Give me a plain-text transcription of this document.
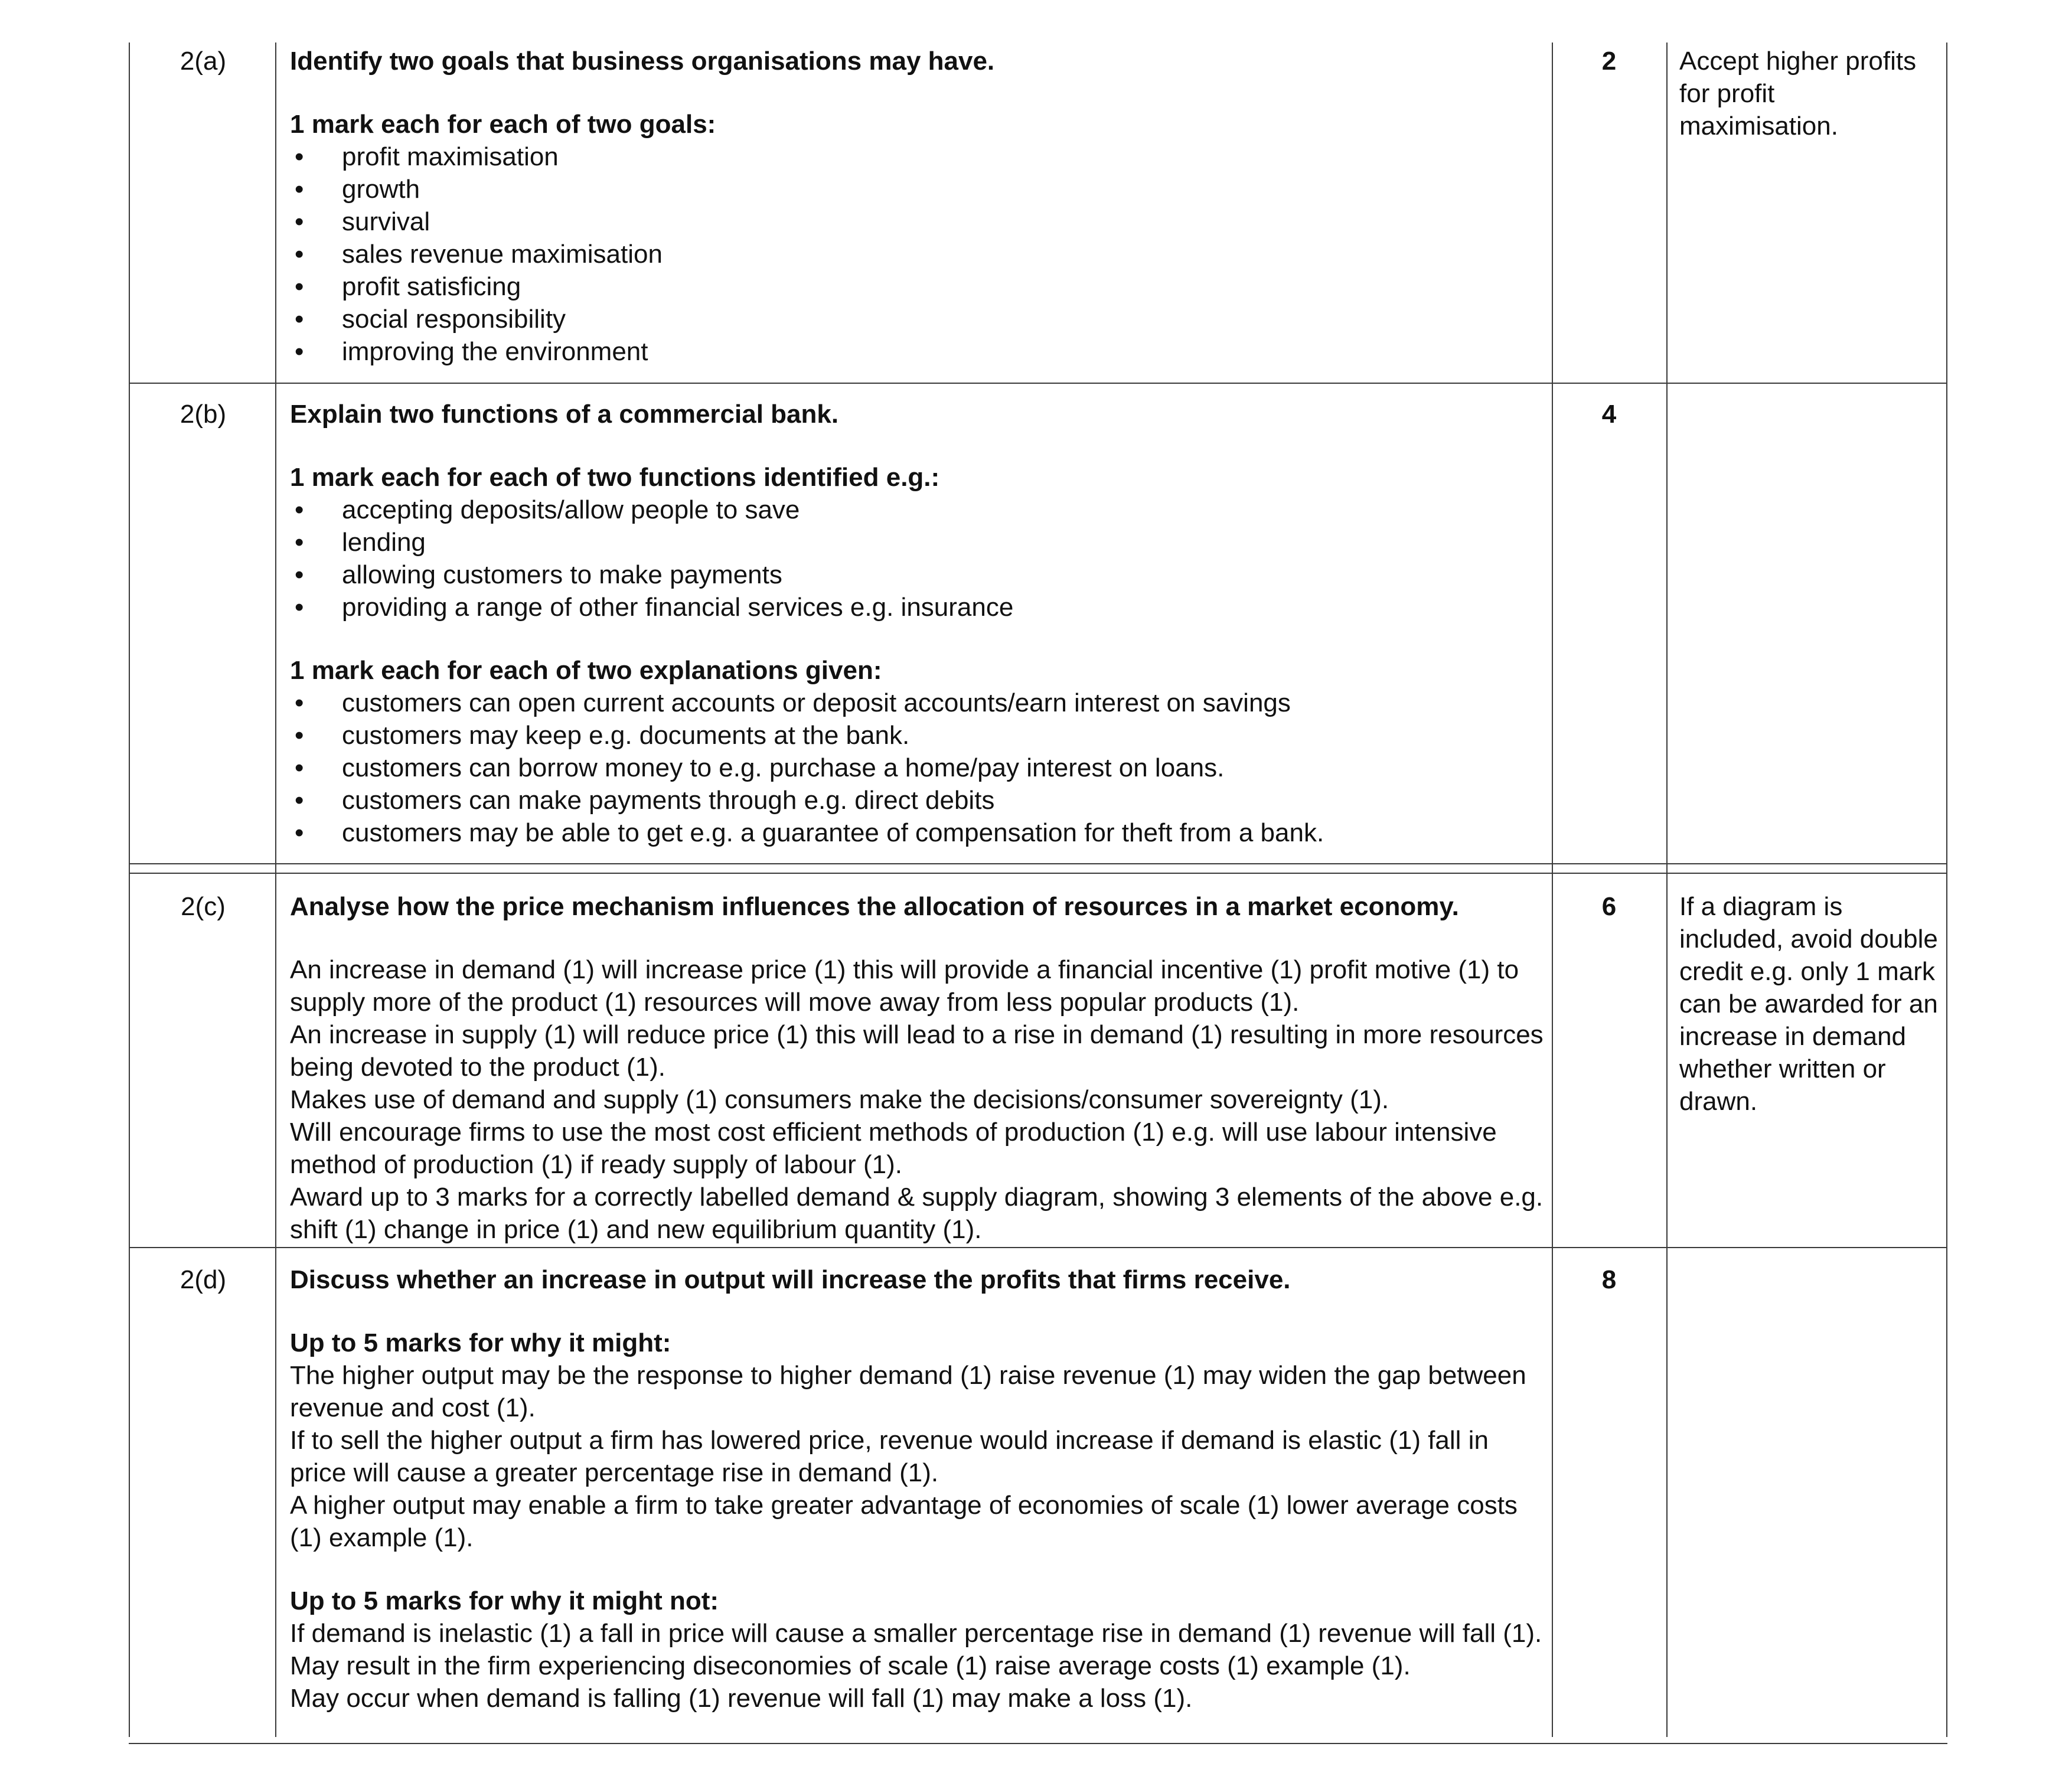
2(a)	Identify two goals that business organisations may have.
1 mark each for each of two goals:
• profit maximisation
• growth
• survival
• sales revenue maximisation
• profit satisficing
• social responsibility
• improving the environment
2	Accept higher profits for profit maximisation.
2(b)	Explain two functions of a commercial bank.
1 mark each for each of two functions identified e.g.:
• accepting deposits/allow people to save
• lending
• allowing customers to make payments
• providing a range of other financial services e.g. insurance
1 mark each for each of two explanations given:
• customers can open current accounts or deposit accounts/earn interest on savings
• customers may keep e.g. documents at the bank.
• customers can borrow money to e.g. purchase a home/pay interest on loans.
• customers can make payments through e.g. direct debits
• customers may be able to get e.g. a guarantee of compensation for theft from a bank.
4
2(c)	Analyse how the price mechanism influences the allocation of resources in a market economy.
An increase in demand (1) will increase price (1) this will provide a financial incentive (1) profit motive (1) to supply more of the product (1) resources will move away from less popular products (1).
An increase in supply (1) will reduce price (1) this will lead to a rise in demand (1) resulting in more resources being devoted to the product (1).
Makes use of demand and supply (1) consumers make the decisions/consumer sovereignty (1).
Will encourage firms to use the most cost efficient methods of production (1) e.g. will use labour intensive method of production (1) if ready supply of labour (1).
Award up to 3 marks for a correctly labelled demand & supply diagram, showing 3 elements of the above e.g. shift (1) change in price (1) and new equilibrium quantity (1).
6	If a diagram is included, avoid double credit e.g. only 1 mark can be awarded for an increase in demand whether written or drawn.
2(d)	Discuss whether an increase in output will increase the profits that firms receive.
Up to 5 marks for why it might:
The higher output may be the response to higher demand (1) raise revenue (1) may widen the gap between revenue and cost (1).
If to sell the higher output a firm has lowered price, revenue would increase if demand is elastic (1) fall in price will cause a greater percentage rise in demand (1).
A higher output may enable a firm to take greater advantage of economies of scale (1) lower average costs (1) example (1).
Up to 5 marks for why it might not:
If demand is inelastic (1) a fall in price will cause a smaller percentage rise in demand (1) revenue will fall (1).
May result in the firm experiencing diseconomies of scale (1) raise average costs (1) example (1).
May occur when demand is falling (1) revenue will fall (1) may make a loss (1).
8
